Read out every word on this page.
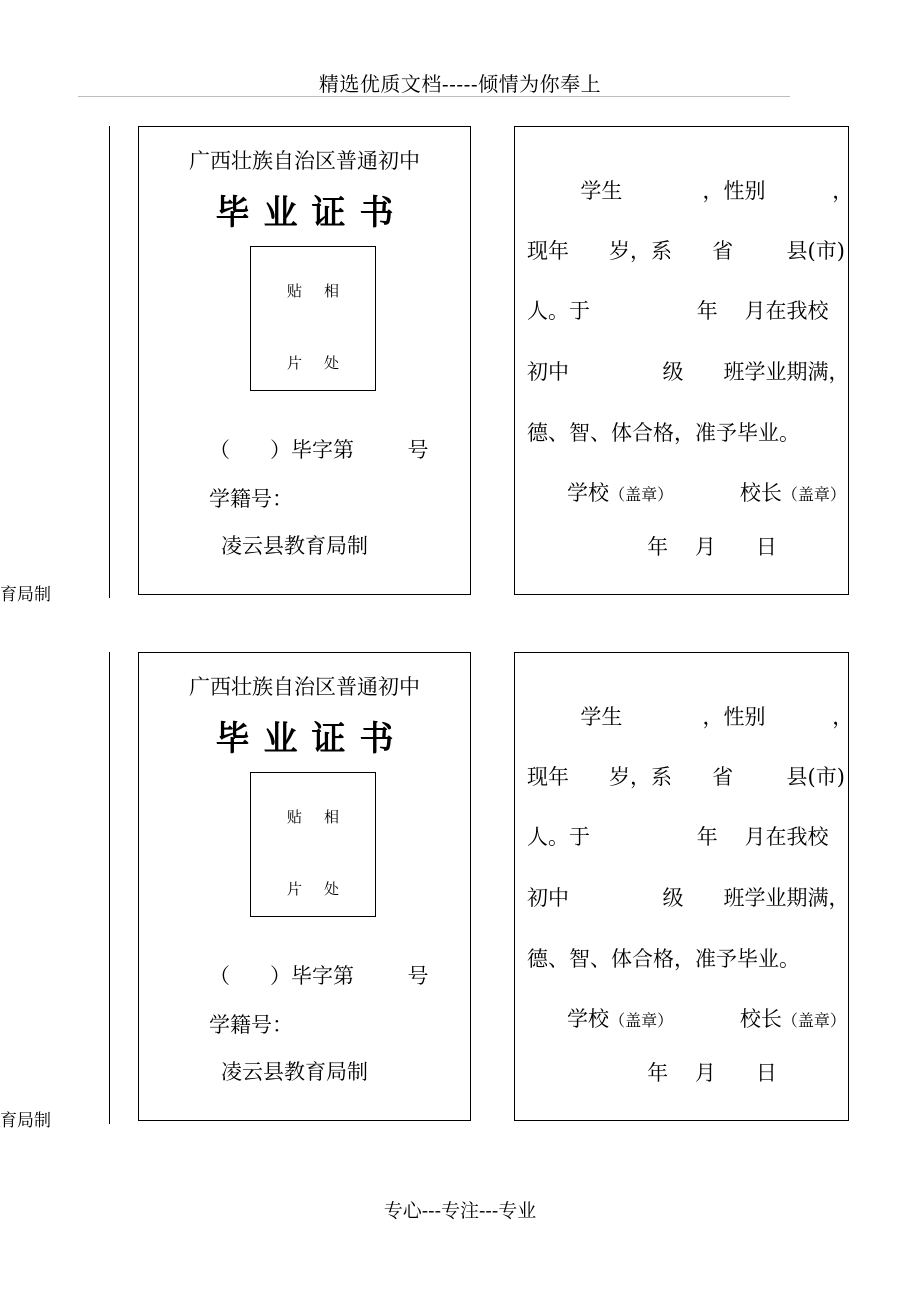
精选优质文档-----倾情为你奉上
育局制
广西壮族自治区普通初中
毕业证书
贴相
片处
（      ）毕字第        号
学籍号：
凌云县教育局制
学生            ，性别          ，
现年      岁，系      省        县(市)
人。于                年    月在我校
初中              级      班学业期满，
德、智、体合格，准予毕业。
学校（盖章）          校长（盖章）
年    月      日
育局制
广西壮族自治区普通初中
毕业证书
贴相
片处
（      ）毕字第        号
学籍号：
凌云县教育局制
学生            ，性别          ，
现年      岁，系      省        县(市)
人。于                年    月在我校
初中              级      班学业期满，
德、智、体合格，准予毕业。
学校（盖章）          校长（盖章）
年    月      日
专心---专注---专业
